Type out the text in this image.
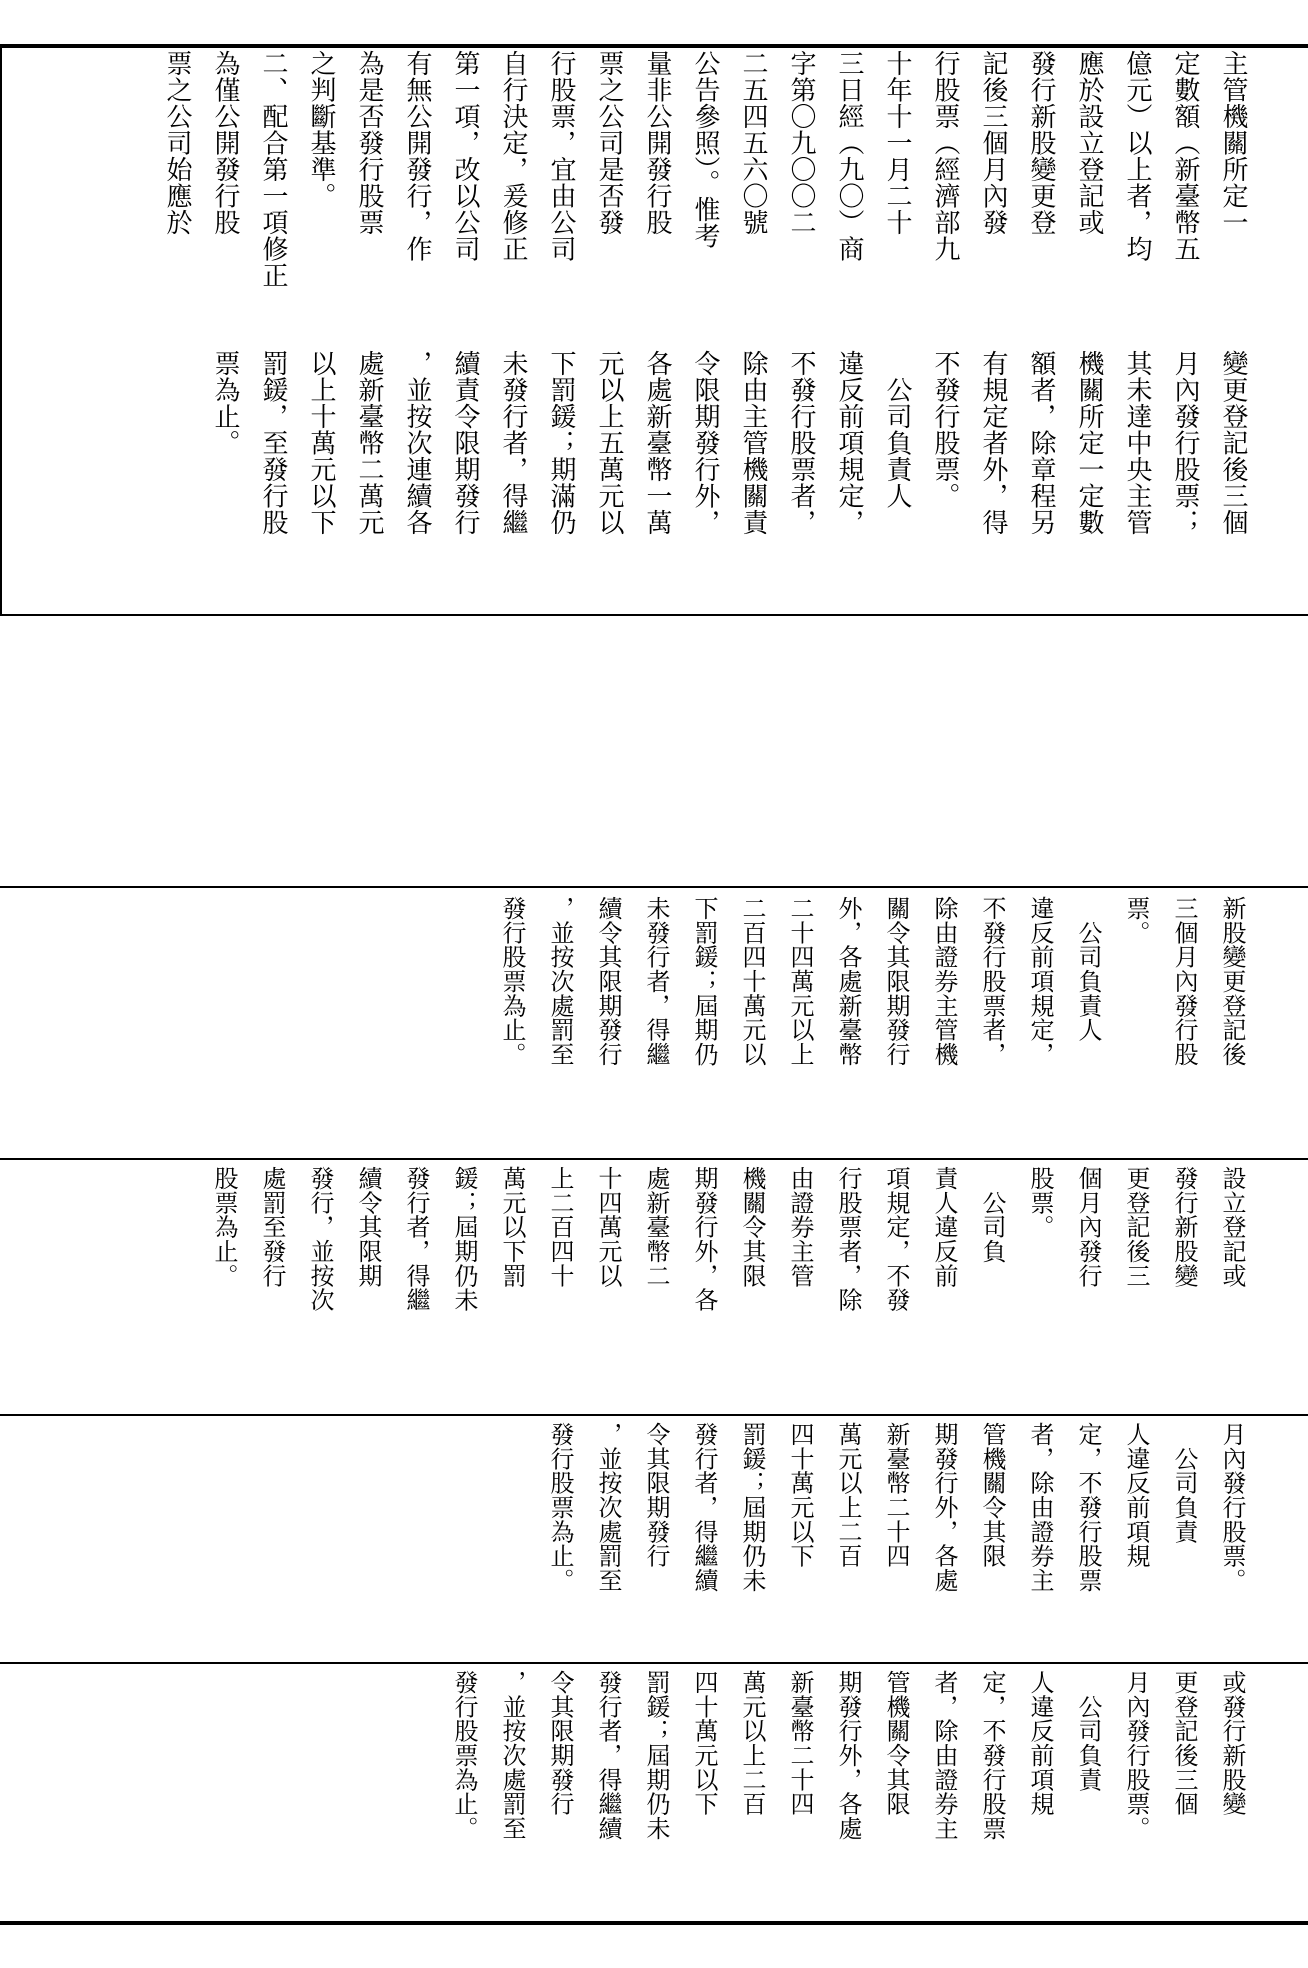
主管機關所定一
定數額（新臺幣五
億元）以上者，均
應於設立登記或
發行新股變更登
記後三個月內發
行股票（經濟部九
十年十一月二十
三日經（九〇）商
字第〇九〇〇二
二五四五六〇號
公告參照）。惟考
量非公開發行股
票之公司是否發
行股票，宜由公司
自行決定，爰修正
第一項，改以公司
有無公開發行，作
為是否發行股票
之判斷基準。
二、配合第一項修正
為僅公開發行股
票之公司始應於
變更登記後三個
月內發行股票；
其未達中央主管
機關所定一定數
額者，除章程另
有規定者外，得
不發行股票。
　公司負責人
違反前項規定，
不發行股票者，
除由主管機關責
令限期發行外，
各處新臺幣一萬
元以上五萬元以
下罰鍰；期滿仍
未發行者，得繼
續責令限期發行
，並按次連續各
處新臺幣二萬元
以上十萬元以下
罰鍰，至發行股
票為止。
新股變更登記後
三個月內發行股
票。
　公司負責人
違反前項規定，
不發行股票者，
除由證券主管機
關令其限期發行
外，各處新臺幣
二十四萬元以上
二百四十萬元以
下罰鍰；屆期仍
未發行者，得繼
續令其限期發行
，並按次處罰至
發行股票為止。
設立登記或
發行新股變
更登記後三
個月內發行
股票。
　公司負
責人違反前
項規定，不發
行股票者，除
由證券主管
機關令其限
期發行外，各
處新臺幣二
十四萬元以
上二百四十
萬元以下罰
鍰；屆期仍未
發行者，得繼
續令其限期
發行，並按次
處罰至發行
股票為止。
月內發行股票。
　公司負責
人違反前項規
定，不發行股票
者，除由證券主
管機關令其限
期發行外，各處
新臺幣二十四
萬元以上二百
四十萬元以下
罰鍰；屆期仍未
發行者，得繼續
令其限期發行
，並按次處罰至
發行股票為止。
或發行新股變
更登記後三個
月內發行股票。
　公司負責
人違反前項規
定，不發行股票
者，除由證券主
管機關令其限
期發行外，各處
新臺幣二十四
萬元以上二百
四十萬元以下
罰鍰；屆期仍未
發行者，得繼續
令其限期發行
，並按次處罰至
發行股票為止。
